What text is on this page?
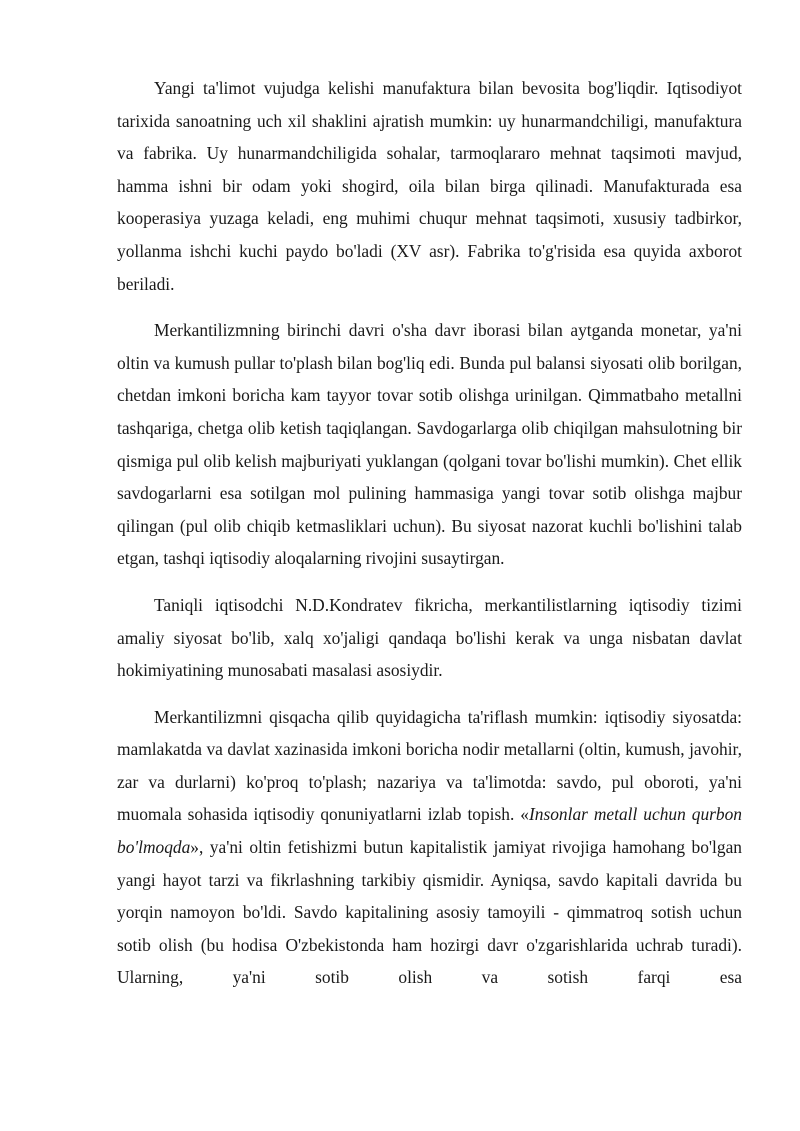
Yangi ta'limot vujudga kelishi manufaktura bilan bevosita bog'liqdir. Iqtisodiyot tarixida sanoatning uch xil shaklini ajratish mumkin: uy hunarmandchiligi, manufaktura va fabrika. Uy hunarmandchiligida sohalar, tarmoqlararo mehnat taqsimoti mavjud, hamma ishni bir odam yoki shogird, oila bilan birga qilinadi. Manufakturada esa kooperasiya yuzaga keladi, eng muhimi chuqur mehnat taqsimoti, xususiy tadbirkor, yollanma ishchi kuchi paydo bo'ladi (XV asr). Fabrika to'g'risida esa quyida axborot beriladi.

Merkantilizmning birinchi davri o'sha davr iborasi bilan aytganda monetar, ya'ni oltin va kumush pullar to'plash bilan bog'liq edi. Bunda pul balansi siyosati olib borilgan, chetdan imkoni boricha kam tayyor tovar sotib olishga urinilgan. Qimmatbaho metallni tashqariga, chetga olib ketish taqiqlangan. Savdogarlarga olib chiqilgan mahsulotning bir qismiga pul olib kelish majburiyati yuklangan (qolgani tovar bo'lishi mumkin). Chet ellik savdogarlarni esa sotilgan mol pulining hammasiga yangi tovar sotib olishga majbur qilingan (pul olib chiqib ketmasliklari uchun). Bu siyosat nazorat kuchli bo'lishini talab etgan, tashqi iqtisodiy aloqalarning rivojini susaytirgan.

Taniqli iqtisodchi N.D.Kondratev fikricha, merkantilistlarning iqtisodiy tizimi amaliy siyosat bo'lib, xalq xo'jaligi qandaqa bo'lishi kerak va unga nisbatan davlat hokimiyatining munosabati masalasi asosiydir.

Merkantilizmni qisqacha qilib quyidagicha ta'riflash mumkin: iqtisodiy siyosatda: mamlakatda va davlat xazinasida imkoni boricha nodir metallarni (oltin, kumush, javohir, zar va durlarni) ko'proq to'plash; nazariya va ta'limotda: savdo, pul oboroti, ya'ni muomala sohasida iqtisodiy qonuniyatlarni izlab topish. «Insonlar metall uchun qurbon bo'lmoqda», ya'ni oltin fetishizmi butun kapitalistik jamiyat rivojiga hamohang bo'lgan yangi hayot tarzi va fikrlashning tarkibiy qismidir. Ayniqsa, savdo kapitali davrida bu yorqin namoyon bo'ldi. Savdo kapitalining asosiy tamoyili - qimmatroq sotish uchun sotib olish (bu hodisa O'zbekistonda ham hozirgi davr o'zgarishlarida uchrab turadi). Ularning, ya'ni sotib olish va sotish farqi esa
